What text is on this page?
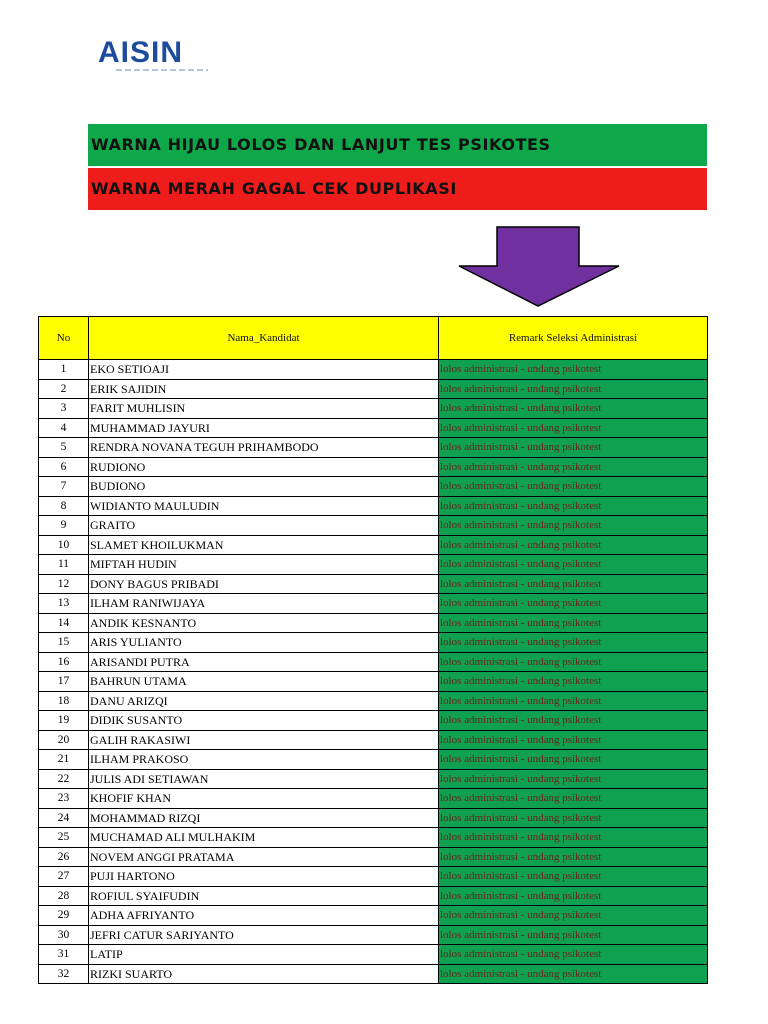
AISIN
WARNA HIJAU LOLOS DAN LANJUT TES PSIKOTES
WARNA MERAH GAGAL CEK DUPLIKASI
No	Nama_Kandidat	Remark Seleksi Administrasi
1	EKO SETIOAJI	lolos administrasi - undang psikotest
2	ERIK SAJIDIN	lolos administrasi - undang psikotest
3	FARIT MUHLISIN	lolos administrasi - undang psikotest
4	MUHAMMAD JAYURI	lolos administrasi - undang psikotest
5	RENDRA NOVANA TEGUH PRIHAMBODO	lolos administrasi - undang psikotest
6	RUDIONO	lolos administrasi - undang psikotest
7	BUDIONO	lolos administrasi - undang psikotest
8	WIDIANTO MAULUDIN	lolos administrasi - undang psikotest
9	GRAITO	lolos administrasi - undang psikotest
10	SLAMET KHOILUKMAN	lolos administrasi - undang psikotest
11	MIFTAH HUDIN	lolos administrasi - undang psikotest
12	DONY BAGUS PRIBADI	lolos administrasi - undang psikotest
13	ILHAM RANIWIJAYA	lolos administrasi - undang psikotest
14	ANDIK KESNANTO	lolos administrasi - undang psikotest
15	ARIS YULIANTO	lolos administrasi - undang psikotest
16	ARISANDI PUTRA	lolos administrasi - undang psikotest
17	BAHRUN UTAMA	lolos administrasi - undang psikotest
18	DANU ARIZQI	lolos administrasi - undang psikotest
19	DIDIK SUSANTO	lolos administrasi - undang psikotest
20	GALIH RAKASIWI	lolos administrasi - undang psikotest
21	ILHAM PRAKOSO	lolos administrasi - undang psikotest
22	JULIS ADI SETIAWAN	lolos administrasi - undang psikotest
23	KHOFIF KHAN	lolos administrasi - undang psikotest
24	MOHAMMAD RIZQI	lolos administrasi - undang psikotest
25	MUCHAMAD ALI MULHAKIM	lolos administrasi - undang psikotest
26	NOVEM ANGGI PRATAMA	lolos administrasi - undang psikotest
27	PUJI HARTONO	lolos administrasi - undang psikotest
28	ROFIUL SYAIFUDIN	lolos administrasi - undang psikotest
29	ADHA AFRIYANTO	lolos administrasi - undang psikotest
30	JEFRI CATUR SARIYANTO	lolos administrasi - undang psikotest
31	LATIP	lolos administrasi - undang psikotest
32	RIZKI SUARTO	lolos administrasi - undang psikotest
